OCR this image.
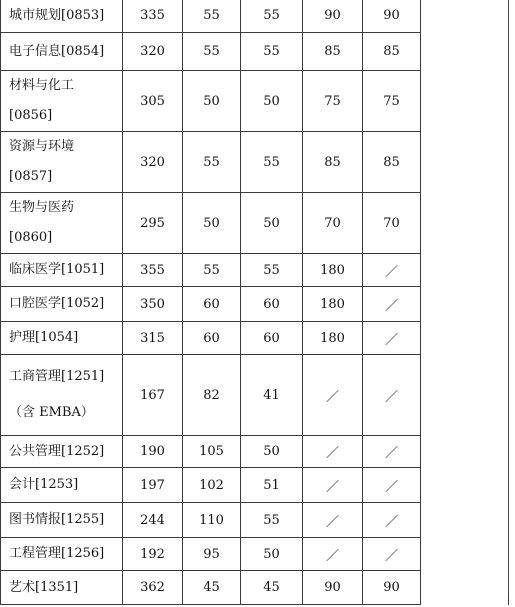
城市规划[0853]	335	55	55	90	90	
电子信息[0854]	320	55	55	85	85	

材料与化工
[0856]	305	50	50	75	75	

资源与环境
[0857]	320	55	55	85	85	

生物与医药
[0860]	295	50	50	70	70	
临床医学[1051]	355	55	55	180	／	
口腔医学[1052]	350	60	60	180	／	
护理[1054]	315	60	60	180	／	

工商管理[1251]
（含 EMBA）	167	82	41	／	／	
公共管理[1252]	190	105	50	／	／	
会计[1253]	197	102	51	／	／	
图书情报[1255]	244	110	55	／	／	
工程管理[1256]	192	95	50	／	／	
艺术[1351]	362	45	45	90	90	
